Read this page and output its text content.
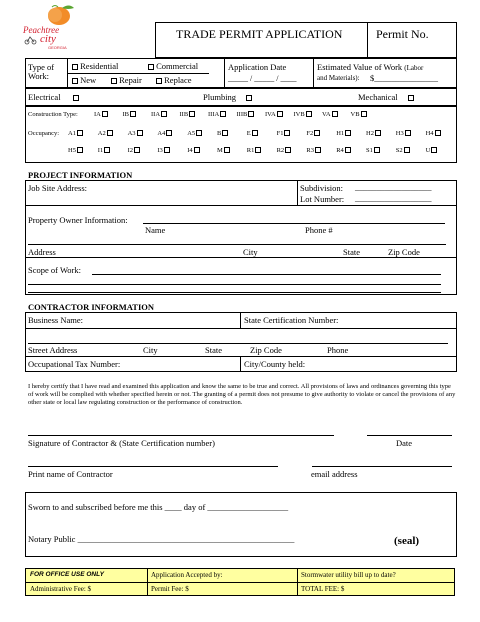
Peachtree
city
GEORGIA
TRADE PERMIT APPLICATION	Permit No.
Type of Work:
Residential	Commercial
New	Repair	Replace
Application Date
_____ / _____ / ____
Estimated Value of Work (Labor
and Materials): $_______________
Electrical	Plumbing	Mechanical
Construction Type: IA	IB	IIA	IIB	IIIA	IIIB	IVA	IVB	VA	VB
Occupancy: A1	A2	A3	A4	A5	B	E	F1	F2	H1	H2	H3	H4
H5	I1	I2	I3	I4	M	R1	R2	R3	R4	S1	S2	U
PROJECT INFORMATION
Job Site Address:	Subdivision: __________________
Lot Number: __________________
Property Owner Information:
Name	Phone #
Address	City	State	Zip Code
Scope of Work:
CONTRACTOR INFORMATION
Business Name:	State Certification Number:
Street Address	City	State	Zip Code	Phone
Occupational Tax Number:	City/County held:
I hereby certify that I have read and examined this application and know the same to be true and correct. All provisions of laws and ordinances governing this type of work will be complied with whether specified herein or not. The granting of a permit does not presume to give authority to violate or cancel the provisions of any other state or local law regulating construction or the performance of construction.
Signature of Contractor & (State Certification number)	Date
Print name of Contractor	email address
Sworn to and subscribed before me this ____ day of ___________________
Notary Public ___________________________________________________	(seal)
FOR OFFICE USE ONLY	Application Accepted by:	Stormwater utility bill up to date?
Administrative Fee: $	Permit Fee: $	TOTAL FEE: $
